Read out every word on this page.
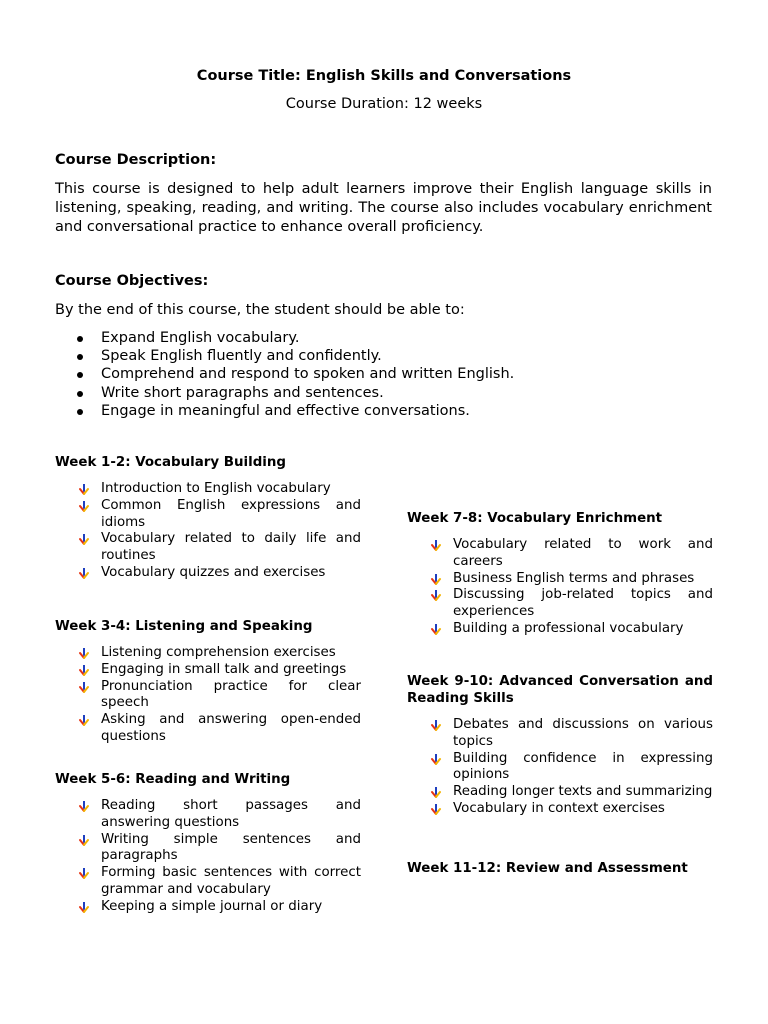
Course Title: English Skills and Conversations
Course Duration: 12 weeks
Course Description:
This course is designed to help adult learners improve their English language skills in listening, speaking, reading, and writing. The course also includes vocabulary enrichment and conversational practice to enhance overall proficiency.
Course Objectives:
By the end of this course, the student should be able to:
Expand English vocabulary.
Speak English fluently and confidently.
Comprehend and respond to spoken and written English.
Write short paragraphs and sentences.
Engage in meaningful and effective conversations.
Week 1-2: Vocabulary Building
Introduction to English vocabulary
Common English expressions and idioms
Vocabulary related to daily life and routines
Vocabulary quizzes and exercises
Week 3-4: Listening and Speaking
Listening comprehension exercises
Engaging in small talk and greetings
Pronunciation practice for clear speech
Asking and answering open-ended questions
Week 5-6: Reading and Writing
Reading short passages and answering questions
Writing simple sentences and paragraphs
Forming basic sentences with correct grammar and vocabulary
Keeping a simple journal or diary
Week 7-8: Vocabulary Enrichment
Vocabulary related to work and careers
Business English terms and phrases
Discussing job-related topics and experiences
Building a professional vocabulary
Week 9-10: Advanced Conversation and Reading Skills
Debates and discussions on various topics
Building confidence in expressing opinions
Reading longer texts and summarizing
Vocabulary in context exercises
Week 11-12: Review and Assessment
